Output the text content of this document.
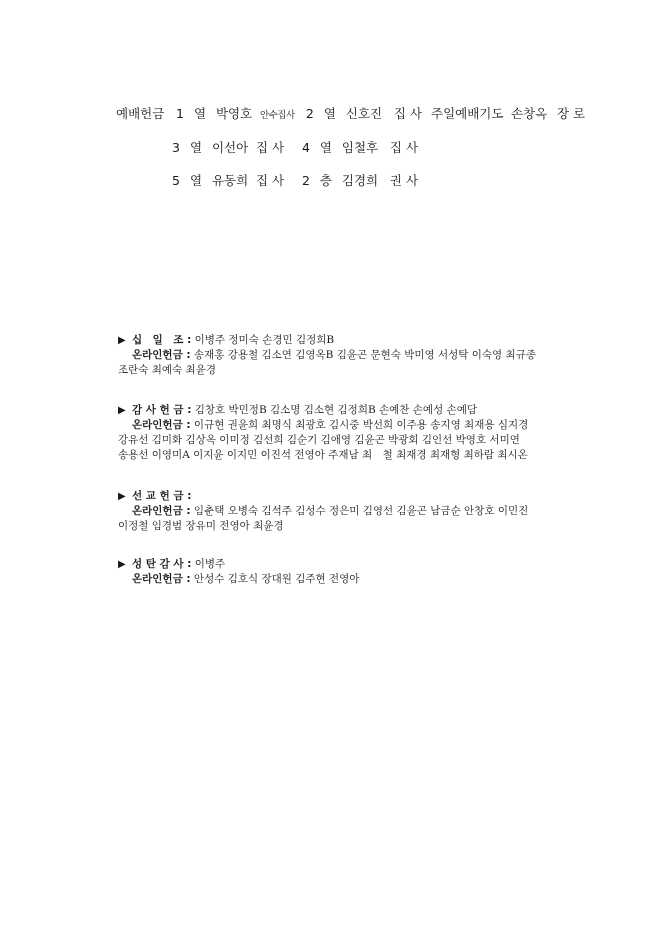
예배헌금 1 열 박영호 안수집사 2 열 신호진 집 사 주일예배기도 손창옥 장 로
3 열 이선아 집 사 4 열 임철후 집 사
5 열 유동희 집 사 2 층 김경희 권 사
▶ 십　일　조 : 이병주 정미숙 손경민 김정희B
온라인헌금 : 송재홍 강용철 김소연 김영옥B 김윤곤 문현숙 박미영 서성탁 이숙영 최규종
조란숙 최예숙 최윤경
▶ 감 사 헌 금 : 김창호 박민정B 김소명 김소현 김정희B 손예찬 손예성 손예담
온라인헌금 : 이규현 권윤희 최명식 최광호 김시중 박선희 이주용 송지영 최재용 심지경
강유선 김미화 김상옥 이미정 김선희 김순기 김애영 김윤곤 박광회 김인선 박영호 서미연
송용선 이영미A 이지윤 이지민 이진석 전영아 주재남 최　철 최재경 최재형 최하람 최시온
▶ 선 교 헌 금 :
온라인헌금 : 임춘택 오병숙 김석주 김성수 정은미 김영선 김윤곤 남금순 안창호 이민진
이정철 임경범 장유미 전영아 최윤경
▶ 성 탄 감 사 : 이병주
온라인헌금 : 안성수 김호식 장대원 김주현 전영아
